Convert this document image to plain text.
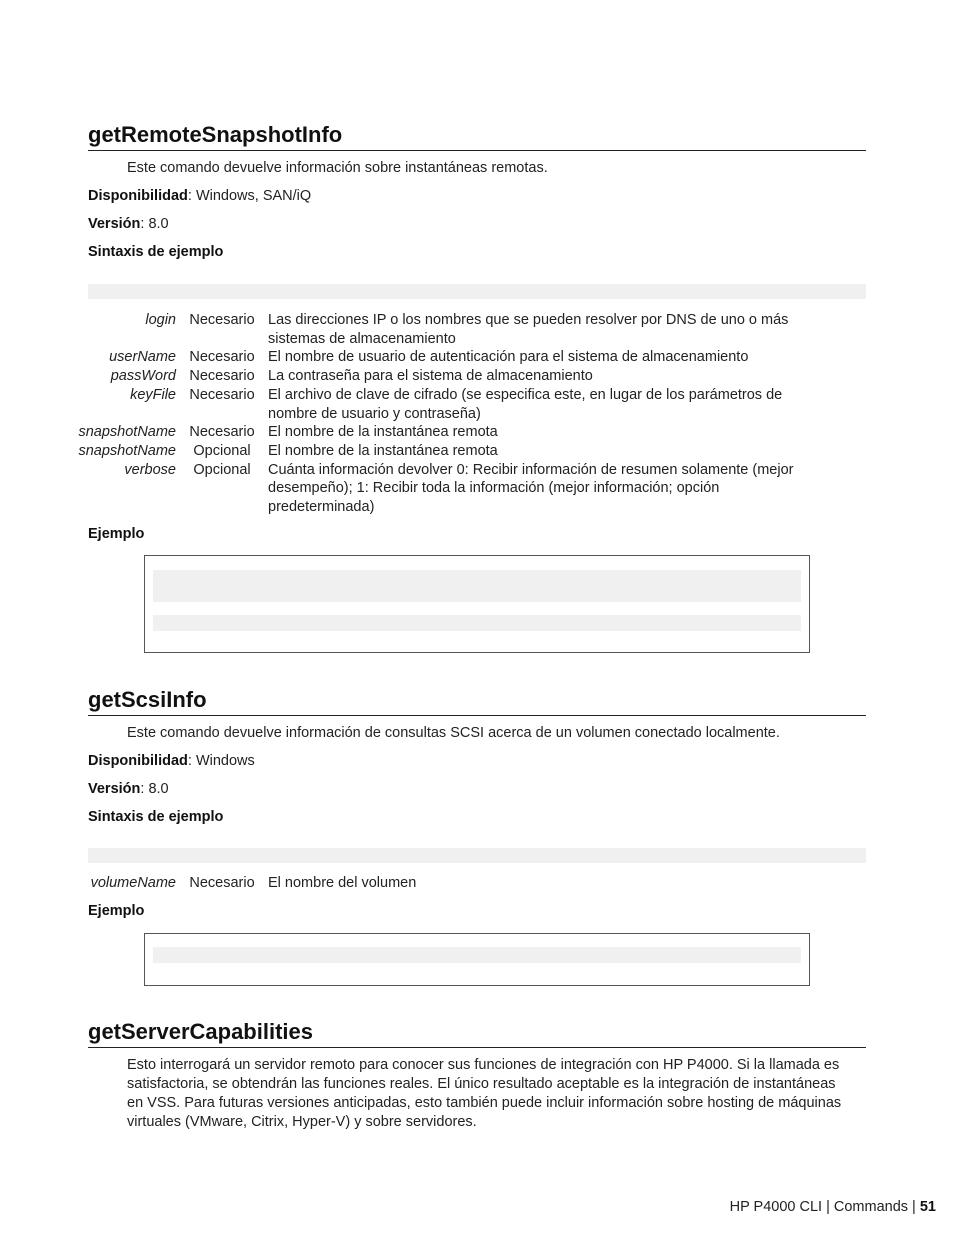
getRemoteSnapshotInfo
Este comando devuelve información sobre instantáneas remotas.
Disponibilidad: Windows, SAN/iQ
Versión: 8.0
Sintaxis de ejemplo
login	Necesario	Las direcciones IP o los nombres que se pueden resolver por DNS de uno o más sistemas de almacenamiento
userName	Necesario	El nombre de usuario de autenticación para el sistema de almacenamiento
passWord	Necesario	La contraseña para el sistema de almacenamiento
keyFile	Necesario	El archivo de clave de cifrado (se especifica este, en lugar de los parámetros de nombre de usuario y contraseña)
snapshotName	Necesario	El nombre de la instantánea remota
snapshotName	Opcional	El nombre de la instantánea remota
verbose	Opcional	Cuánta información devolver 0: Recibir información de resumen solamente (mejor desempeño); 1: Recibir toda la información (mejor información; opción predeterminada)
Ejemplo
getScsiInfo
Este comando devuelve información de consultas SCSI acerca de un volumen conectado localmente.
Disponibilidad: Windows
Versión: 8.0
Sintaxis de ejemplo
volumeName	Necesario	El nombre del volumen
Ejemplo
getServerCapabilities
Esto interrogará un servidor remoto para conocer sus funciones de integración con HP P4000. Si la llamada es satisfactoria, se obtendrán las funciones reales. El único resultado aceptable es la integración de instantáneas en VSS. Para futuras versiones anticipadas, esto también puede incluir información sobre hosting de máquinas virtuales (VMware, Citrix, Hyper-V) y sobre servidores.
HP P4000 CLI | Commands | 51
